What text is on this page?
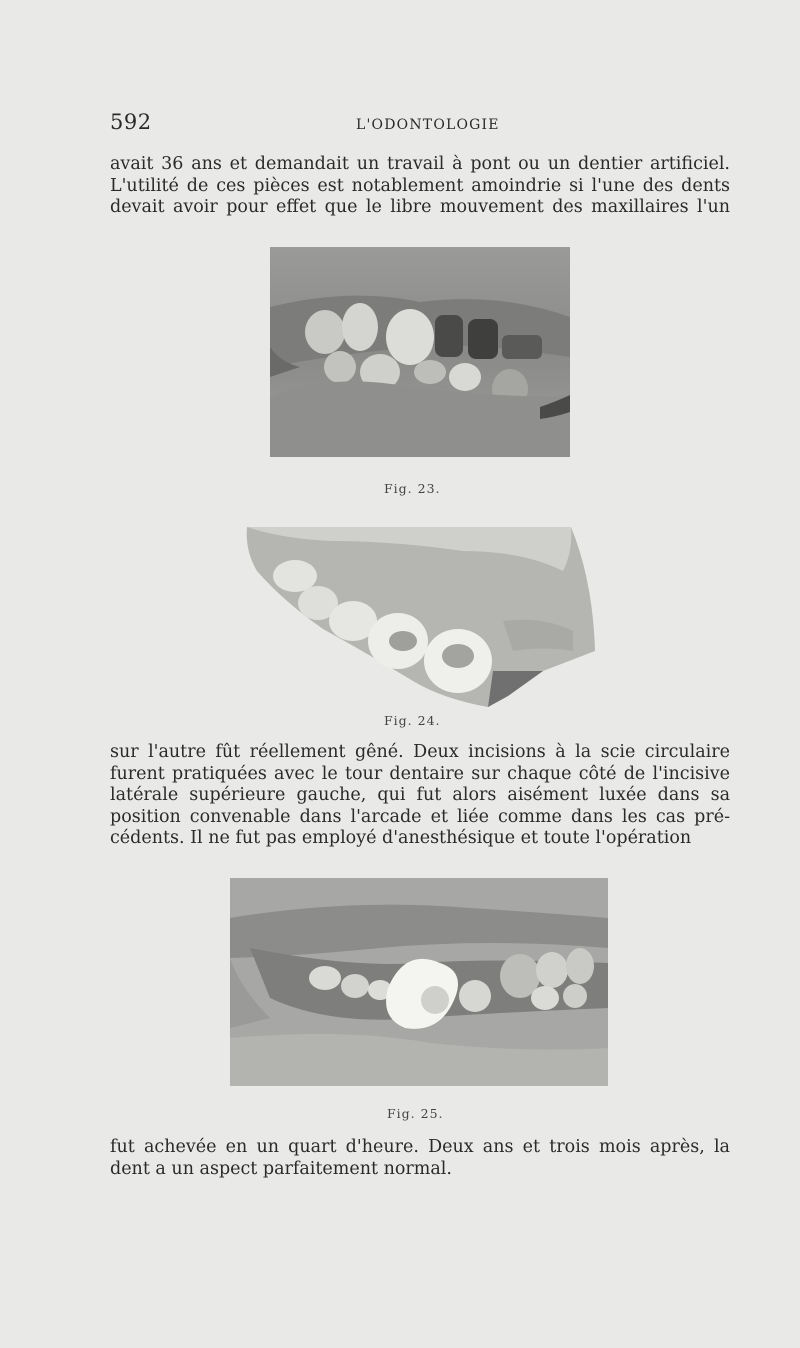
592	L'ODONTOLOGIE
avait 36 ans et demandait un travail à pont ou un dentier artificiel.
L'utilité de ces pièces est notablement amoindrie si l'une des dents
devait avoir pour effet que le libre mouvement des maxillaires l'un
Fig. 23.
Fig. 24.
sur l'autre fût réellement gêné. Deux incisions à la scie circulaire
furent pratiquées avec le tour dentaire sur chaque côté de l'incisive
latérale supérieure gauche, qui fut alors aisément luxée dans sa
position convenable dans l'arcade et liée comme dans les cas pré-
cédents. Il ne fut pas employé d'anesthésique et toute l'opération
Fig. 25.
fut achevée en un quart d'heure. Deux ans et trois mois après, la
dent a un aspect parfaitement normal.
